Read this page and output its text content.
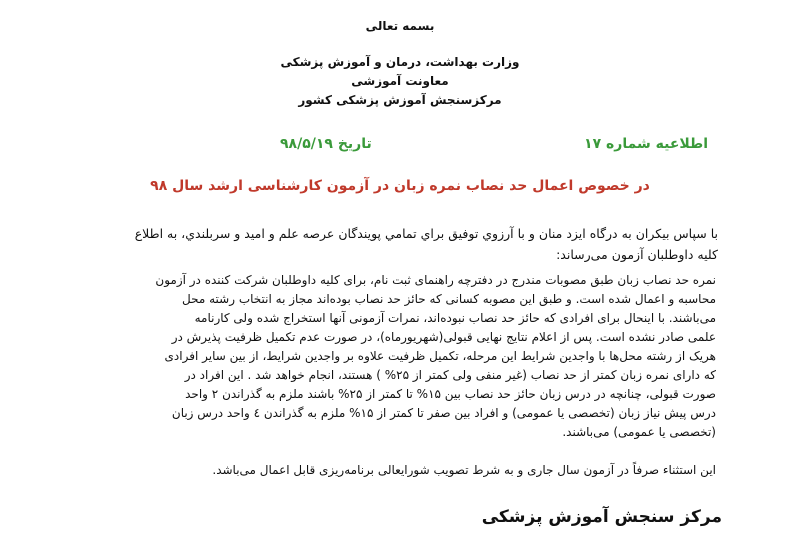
بسمه تعالی
وزارت بهداشت، درمان و آموزش پزشکی
معاونت آموزشی
مرکزسنجش آموزش پزشکی کشور
اطلاعیه شماره ۱۷
تاریخ ۹۸/۵/۱۹
در خصوص اعمال حد نصاب نمره زبان در آزمون کارشناسی ارشد سال ۹۸
با سپاس بیکران به درگاه ایزد منان و با آرزوي توفیق براي تمامي پویندگان عرصه علم و امید و سربلندي، به اطلاع
کلیه داوطلبان آزمون می‌رساند:
نمره حد نصاب زبان طبق مصوبات مندرج در دفترچه راهنمای ثبت نام، برای کلیه داوطلبان شرکت کننده در آزمون
محاسبه و اعمال شده است. و طبق این مصوبه کسانی که حائز حد نصاب بوده‌اند مجاز به انتخاب رشته محل
می‌باشند. با اینحال برای افرادی که حائز حد نصاب نبوده‌اند، نمرات آزمونی آنها استخراج شده ولی کارنامه
علمی صادر نشده است. پس از اعلام نتایج نهایی قبولی(شهریورماه)، در صورت عدم تکمیل ظرفیت پذیرش در
هریک از رشته محل‌ها با واجدین شرایط این مرحله، تکمیل ظرفیت علاوه بر واجدین شرایط، از بین سایر افرادی
که دارای نمره زبان کمتر از حد نصاب (غیر منفی ولی کمتر از ۲۵% ) هستند، انجام خواهد شد . این افراد در
صورت قبولی، چنانچه در درس زبان حائز حد نصاب بین ۱۵% تا کمتر از ۲۵% باشند ملزم به گذراندن ۲ واحد
درس پیش نیاز زبان (تخصصی یا عمومی) و افراد بین صفر تا کمتر از ۱۵% ملزم به گذراندن ٤ واحد درس زبان
(تخصصی یا عمومی) می‌باشند.
این استثناء صرفاً در آزمون سال جاری و به شرط تصویب شورایعالی برنامه‌ریزی قابل اعمال می‌باشد.
مرکز سنجش آموزش پزشکی
